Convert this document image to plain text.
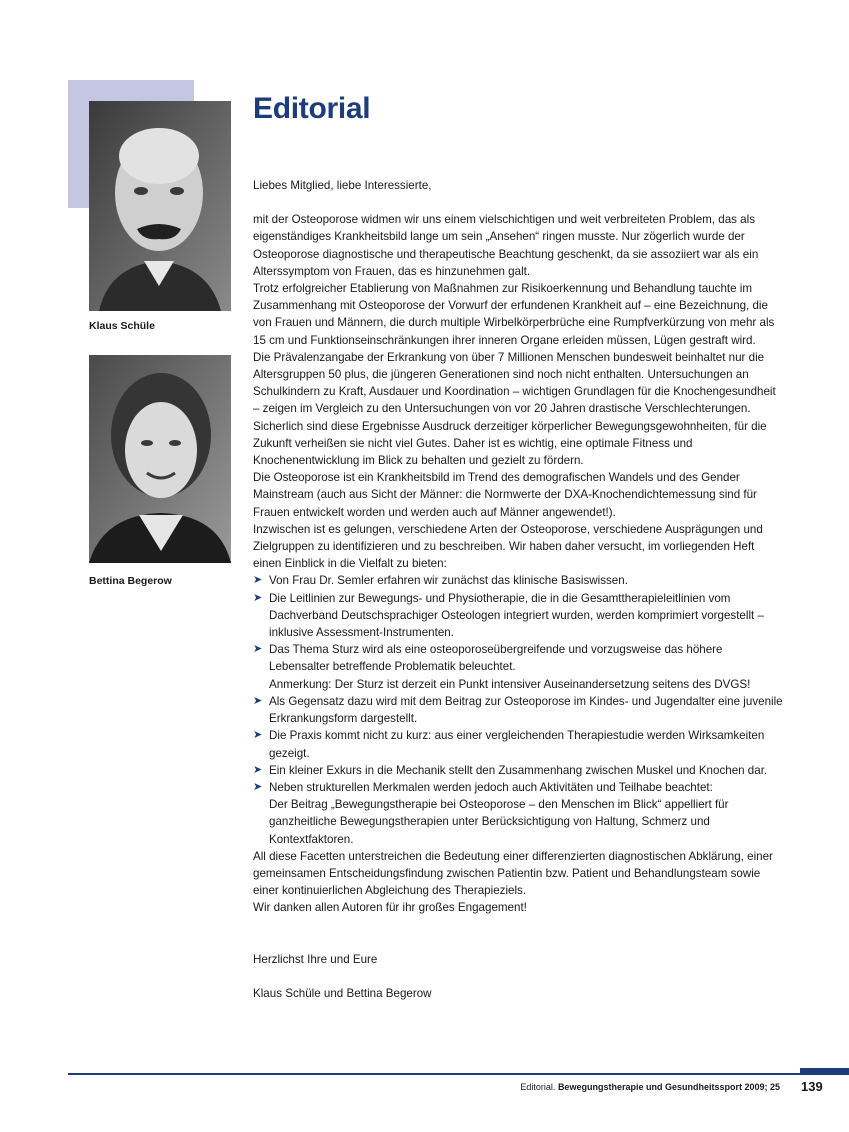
Klaus Schüle
Bettina Begerow
Editorial

Liebes Mitglied, liebe Interessierte,

mit der Osteoporose widmen wir uns einem vielschichtigen und weit verbreiteten Problem, das als eigenständiges Krankheitsbild lange um sein „Ansehen“ ringen musste. Nur zögerlich wurde der Osteoporose diagnostische und therapeutische Beachtung geschenkt, da sie assoziiert war als ein Alterssymptom von Frauen, das es hinzunehmen galt.

Trotz erfolgreicher Etablierung von Maßnahmen zur Risikoerkennung und Behandlung tauchte im Zusammenhang mit Osteoporose der Vorwurf der erfundenen Krankheit auf – eine Bezeichnung, die von Frauen und Männern, die durch multiple Wirbelkörperbrüche eine Rumpfverkürzung von mehr als 15 cm und Funktionseinschränkungen ihrer inneren Organe erleiden müssen, Lügen gestraft wird.

Die Prävalenzangabe der Erkrankung von über 7 Millionen Menschen bundesweit beinhaltet nur die Altersgruppen 50 plus, die jüngeren Generationen sind noch nicht enthalten. Untersuchungen an Schulkindern zu Kraft, Ausdauer und Koordination – wichtigen Grundlagen für die Knochengesundheit – zeigen im Vergleich zu den Untersuchungen von vor 20 Jahren drastische Verschlechterungen. Sicherlich sind diese Ergebnisse Ausdruck derzeitiger körperlicher Bewegungsgewohnheiten, für die Zukunft verheißen sie nicht viel Gutes. Daher ist es wichtig, eine optimale Fitness und Knochenentwicklung im Blick zu behalten und gezielt zu fördern.

Die Osteoporose ist ein Krankheitsbild im Trend des demografischen Wandels und des Gender Mainstream (auch aus Sicht der Männer: die Normwerte der DXA-Knochendichtemessung sind für Frauen entwickelt worden und werden auch auf Männer angewendet!).

Inzwischen ist es gelungen, verschiedene Arten der Osteoporose, verschiedene Ausprägungen und Zielgruppen zu identifizieren und zu beschreiben. Wir haben daher versucht, im vorliegenden Heft einen Einblick in die Vielfalt zu bieten:

➤ Von Frau Dr. Semler erfahren wir zunächst das klinische Basiswissen.
➤ Die Leitlinien zur Bewegungs- und Physiotherapie, die in die Gesamttherapieleitlinien vom Dachverband Deutschsprachiger Osteologen integriert wurden, werden komprimiert vorgestellt – inklusive Assessment-Instrumenten.
➤ Das Thema Sturz wird als eine osteoporoseübergreifende und vorzugsweise das höhere Lebensalter betreffende Problematik beleuchtet.
Anmerkung: Der Sturz ist derzeit ein Punkt intensiver Auseinandersetzung seitens des DVGS!
➤ Als Gegensatz dazu wird mit dem Beitrag zur Osteoporose im Kindes- und Jugendalter eine juvenile Erkrankungsform dargestellt.
➤ Die Praxis kommt nicht zu kurz: aus einer vergleichenden Therapiestudie werden Wirksamkeiten gezeigt.
➤ Ein kleiner Exkurs in die Mechanik stellt den Zusammenhang zwischen Muskel und Knochen dar.
➤ Neben strukturellen Merkmalen werden jedoch auch Aktivitäten und Teilhabe beachtet:
Der Beitrag „Bewegungstherapie bei Osteoporose – den Menschen im Blick“ appelliert für ganzheitliche Bewegungstherapien unter Berücksichtigung von Haltung, Schmerz und Kontextfaktoren.

All diese Facetten unterstreichen die Bedeutung einer differenzierten diagnostischen Abklärung, einer gemeinsamen Entscheidungsfindung zwischen Patientin bzw. Patient und Behandlungsteam sowie einer kontinuierlichen Abgleichung des Therapieziels.

Wir danken allen Autoren für ihr großes Engagement!

Herzlichst Ihre und Eure

Klaus Schüle und Bettina Begerow

Editorial. Bewegungstherapie und Gesundheitssport 2009; 25 139
